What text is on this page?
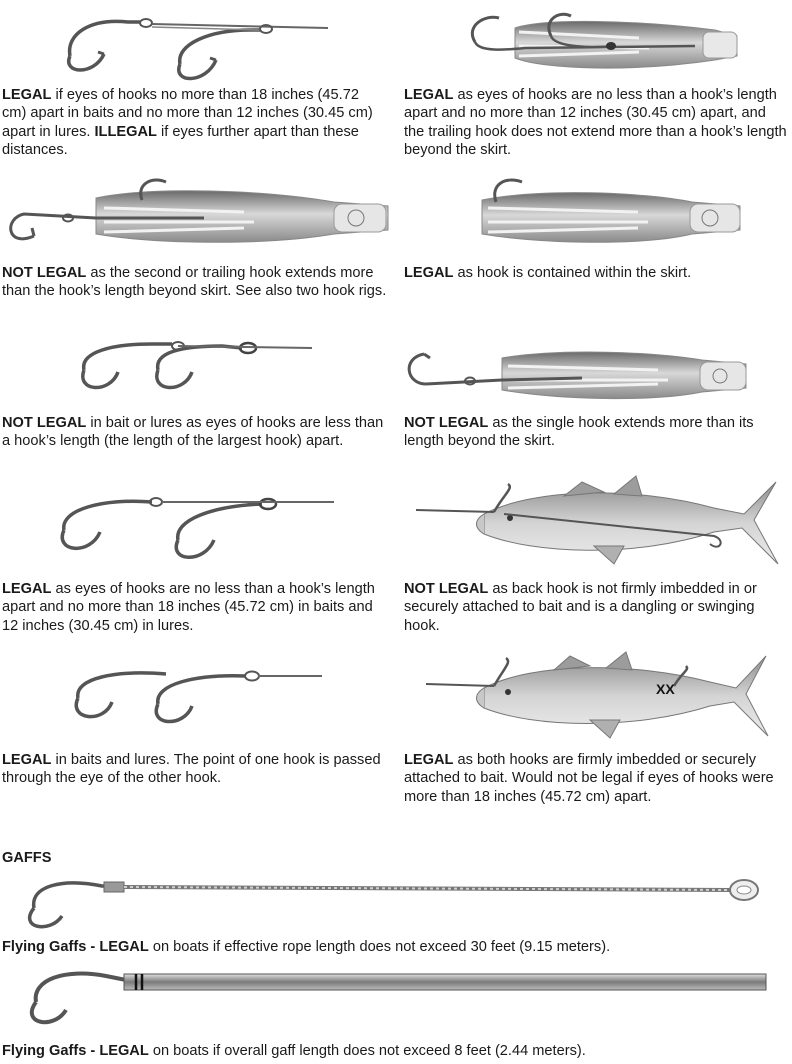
LEGAL if eyes of hooks no more than 18 inches (45.72 cm) apart in baits and no more than 12 inches (30.45 cm) apart in lures. ILLEGAL if eyes further apart than these distances.

LEGAL as eyes of hooks are no less than a hook’s length apart and no more than 12 inches (30.45 cm) apart, and the trailing hook does not extend more than a hook’s length beyond the skirt.

NOT LEGAL as the second or trailing hook extends more than the hook’s length beyond skirt. See also two hook rigs.

LEGAL as hook is contained within the skirt.

NOT LEGAL in bait or lures as eyes of hooks are less than a hook’s length (the length of the largest hook) apart.

NOT LEGAL as the single hook extends more than its length beyond the skirt.

LEGAL as eyes of hooks are no less than a hook’s length apart and no more than 18 inches (45.72 cm) in baits and 12 inches (30.45 cm) in lures.

NOT LEGAL as back hook is not firmly imbedded in or securely attached to bait and is a dangling or swinging hook.

XX

LEGAL in baits and lures. The point of one hook is passed through the eye of the other hook.

LEGAL as both hooks are firmly imbedded or securely attached to bait. Would not be legal if eyes of hooks were more than 18 inches (45.72 cm) apart.

GAFFS

Flying Gaffs - LEGAL on boats if effective rope length does not exceed 30 feet (9.15 meters).

Flying Gaffs - LEGAL on boats if overall gaff length does not exceed 8 feet (2.44 meters).
